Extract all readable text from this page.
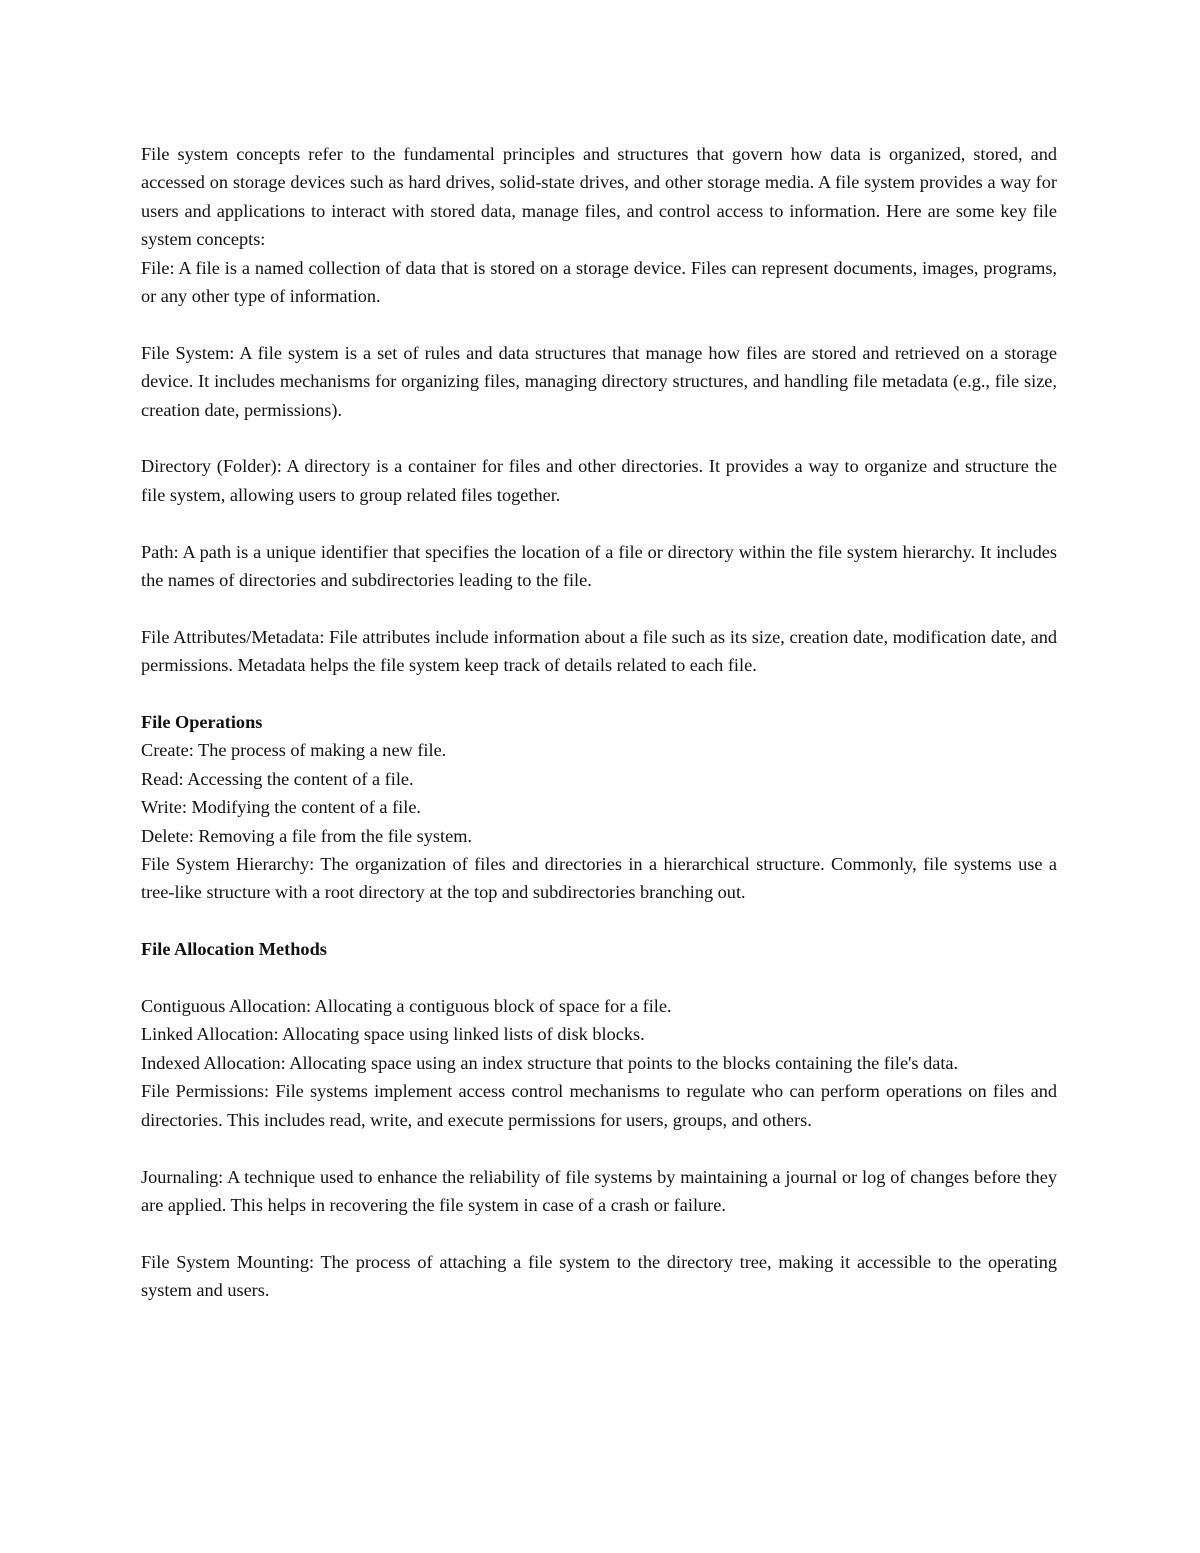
File system concepts refer to the fundamental principles and structures that govern how data is organized, stored, and accessed on storage devices such as hard drives, solid-state drives, and other storage media. A file system provides a way for users and applications to interact with stored data, manage files, and control access to information. Here are some key file system concepts:

File: A file is a named collection of data that is stored on a storage device. Files can represent documents, images, programs, or any other type of information.

File System: A file system is a set of rules and data structures that manage how files are stored and retrieved on a storage device. It includes mechanisms for organizing files, managing directory structures, and handling file metadata (e.g., file size, creation date, permissions).

Directory (Folder): A directory is a container for files and other directories. It provides a way to organize and structure the file system, allowing users to group related files together.

Path: A path is a unique identifier that specifies the location of a file or directory within the file system hierarchy. It includes the names of directories and subdirectories leading to the file.

File Attributes/Metadata: File attributes include information about a file such as its size, creation date, modification date, and permissions. Metadata helps the file system keep track of details related to each file.

File Operations

Create: The process of making a new file.

Read: Accessing the content of a file.

Write: Modifying the content of a file.

Delete: Removing a file from the file system.

File System Hierarchy: The organization of files and directories in a hierarchical structure. Commonly, file systems use a tree-like structure with a root directory at the top and subdirectories branching out.

File Allocation Methods

Contiguous Allocation: Allocating a contiguous block of space for a file.

Linked Allocation: Allocating space using linked lists of disk blocks.

Indexed Allocation: Allocating space using an index structure that points to the blocks containing the file's data.

File Permissions: File systems implement access control mechanisms to regulate who can perform operations on files and directories. This includes read, write, and execute permissions for users, groups, and others.

Journaling: A technique used to enhance the reliability of file systems by maintaining a journal or log of changes before they are applied. This helps in recovering the file system in case of a crash or failure.

File System Mounting: The process of attaching a file system to the directory tree, making it accessible to the operating system and users.
